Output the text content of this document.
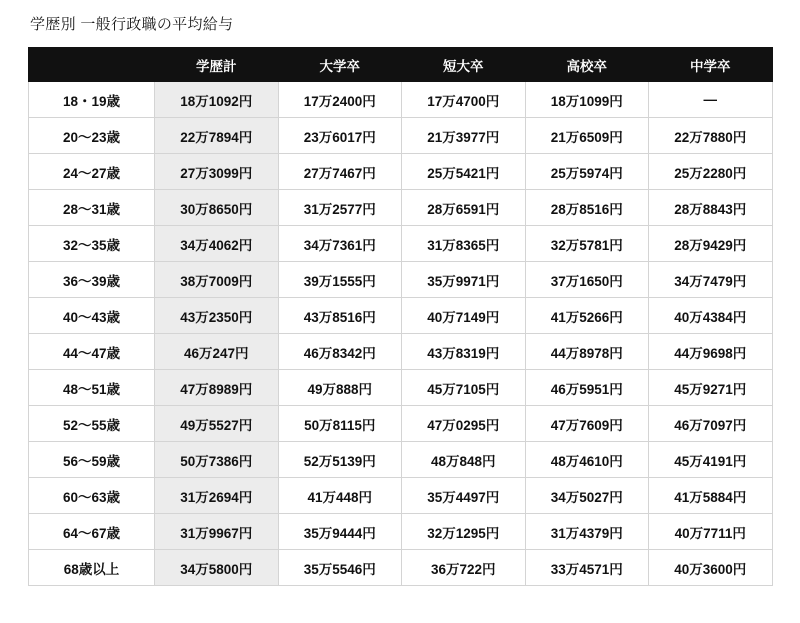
学歴別 一般行政職の平均給与
	学歴計	大学卒	短大卒	高校卒	中学卒
18・19歳	18万1092円	17万2400円	17万4700円	18万1099円	—
20〜23歳	22万7894円	23万6017円	21万3977円	21万6509円	22万7880円
24〜27歳	27万3099円	27万7467円	25万5421円	25万5974円	25万2280円
28〜31歳	30万8650円	31万2577円	28万6591円	28万8516円	28万8843円
32〜35歳	34万4062円	34万7361円	31万8365円	32万5781円	28万9429円
36〜39歳	38万7009円	39万1555円	35万9971円	37万1650円	34万7479円
40〜43歳	43万2350円	43万8516円	40万7149円	41万5266円	40万4384円
44〜47歳	46万247円	46万8342円	43万8319円	44万8978円	44万9698円
48〜51歳	47万8989円	49万888円	45万7105円	46万5951円	45万9271円
52〜55歳	49万5527円	50万8115円	47万0295円	47万7609円	46万7097円
56〜59歳	50万7386円	52万5139円	48万848円	48万4610円	45万4191円
60〜63歳	31万2694円	41万448円	35万4497円	34万5027円	41万5884円
64〜67歳	31万9967円	35万9444円	32万1295円	31万4379円	40万7711円
68歳以上	34万5800円	35万5546円	36万722円	33万4571円	40万3600円
